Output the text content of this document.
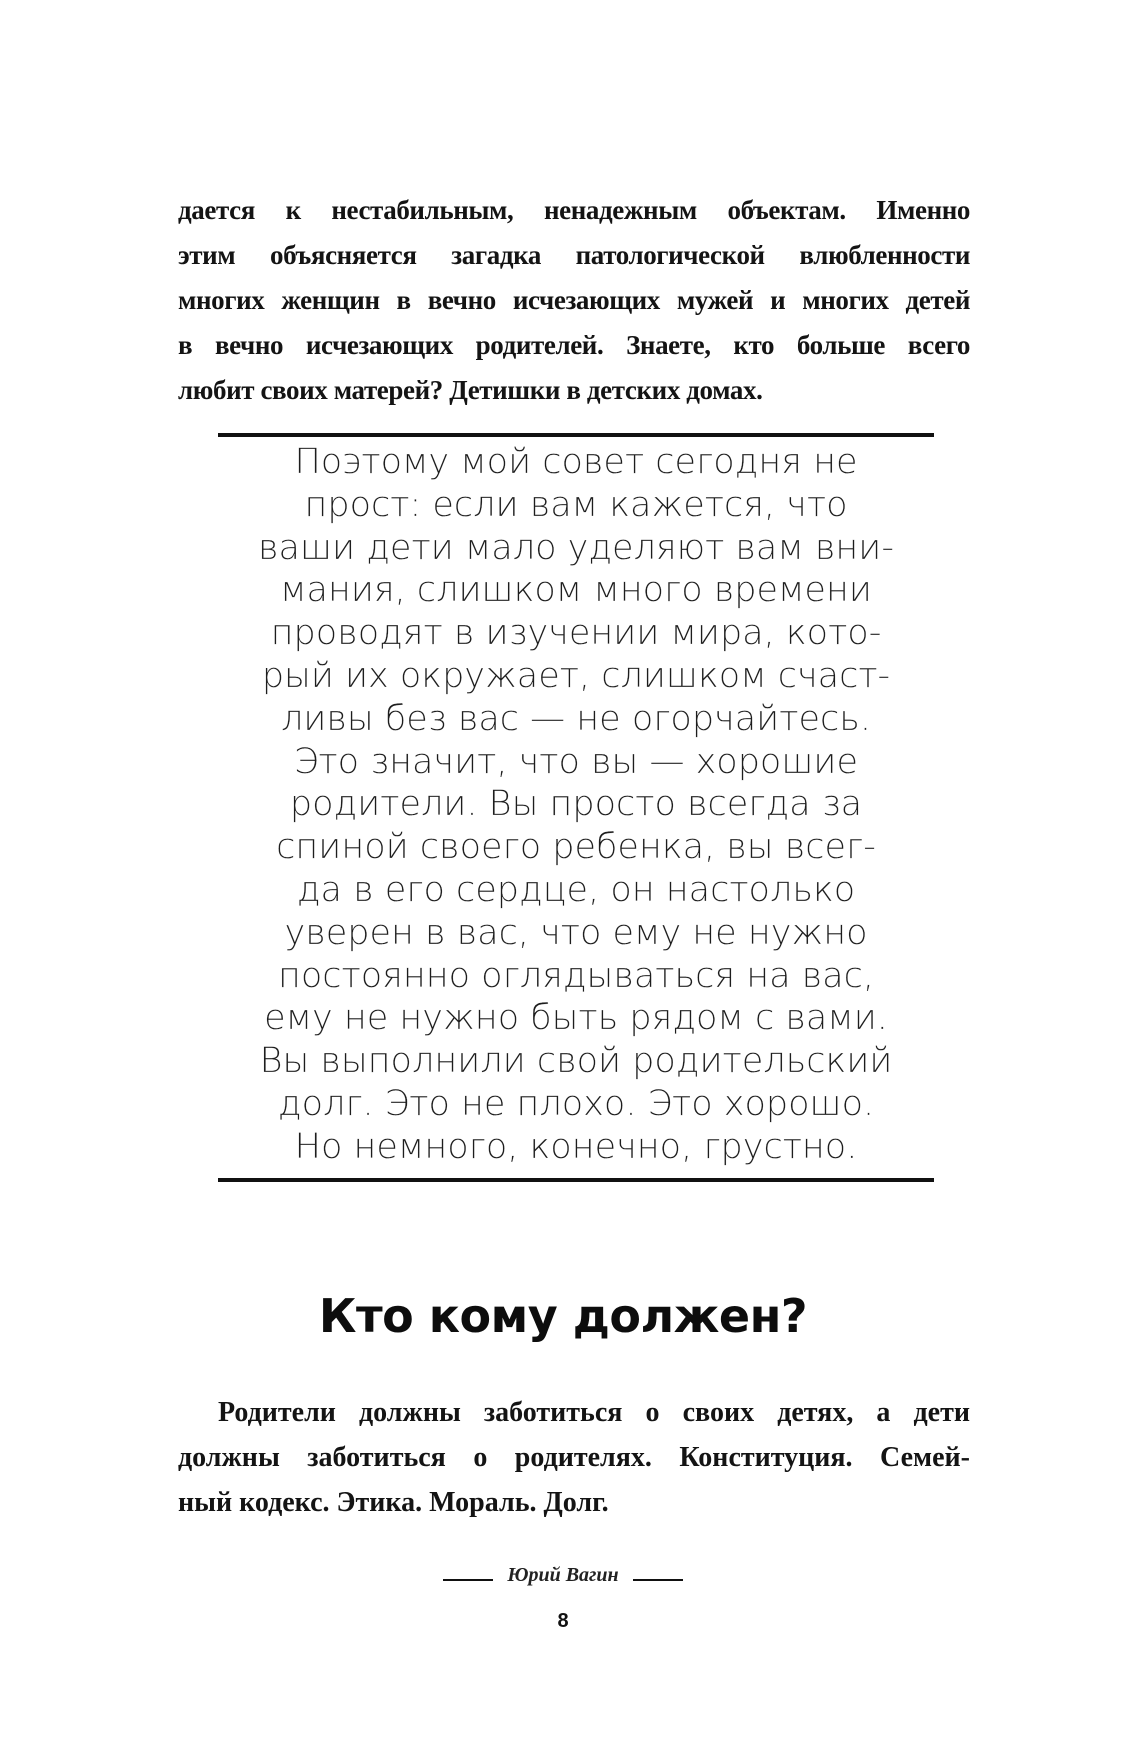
дается к нестабильным, ненадежным объектам. Именно
этим объясняется загадка патологической влюбленности
многих женщин в вечно исчезающих мужей и многих детей
в вечно исчезающих родителей. Знаете, кто больше всего
любит своих матерей? Детишки в детских домах.
Поэтому мой совет сегодня не
прост: если вам кажется, что
ваши дети мало уделяют вам вни-
мания, слишком много времени
проводят в изучении мира, кото-
рый их окружает, слишком счаст-
ливы без вас — не огорчайтесь.
Это значит, что вы — хорошие
родители. Вы просто всегда за
спиной своего ребенка, вы всег-
да в его сердце, он настолько
уверен в вас, что ему не нужно
постоянно оглядываться на вас,
ему не нужно быть рядом с вами.
Вы выполнили свой родительский
долг. Это не плохо. Это хорошо.
Но немного, конечно, грустно.
Кто кому должен?
Родители должны заботиться о своих детях, а дети
должны заботиться о родителях. Конституция. Семей-
ный кодекс. Этика. Мораль. Долг.
Юрий Вагин
8
